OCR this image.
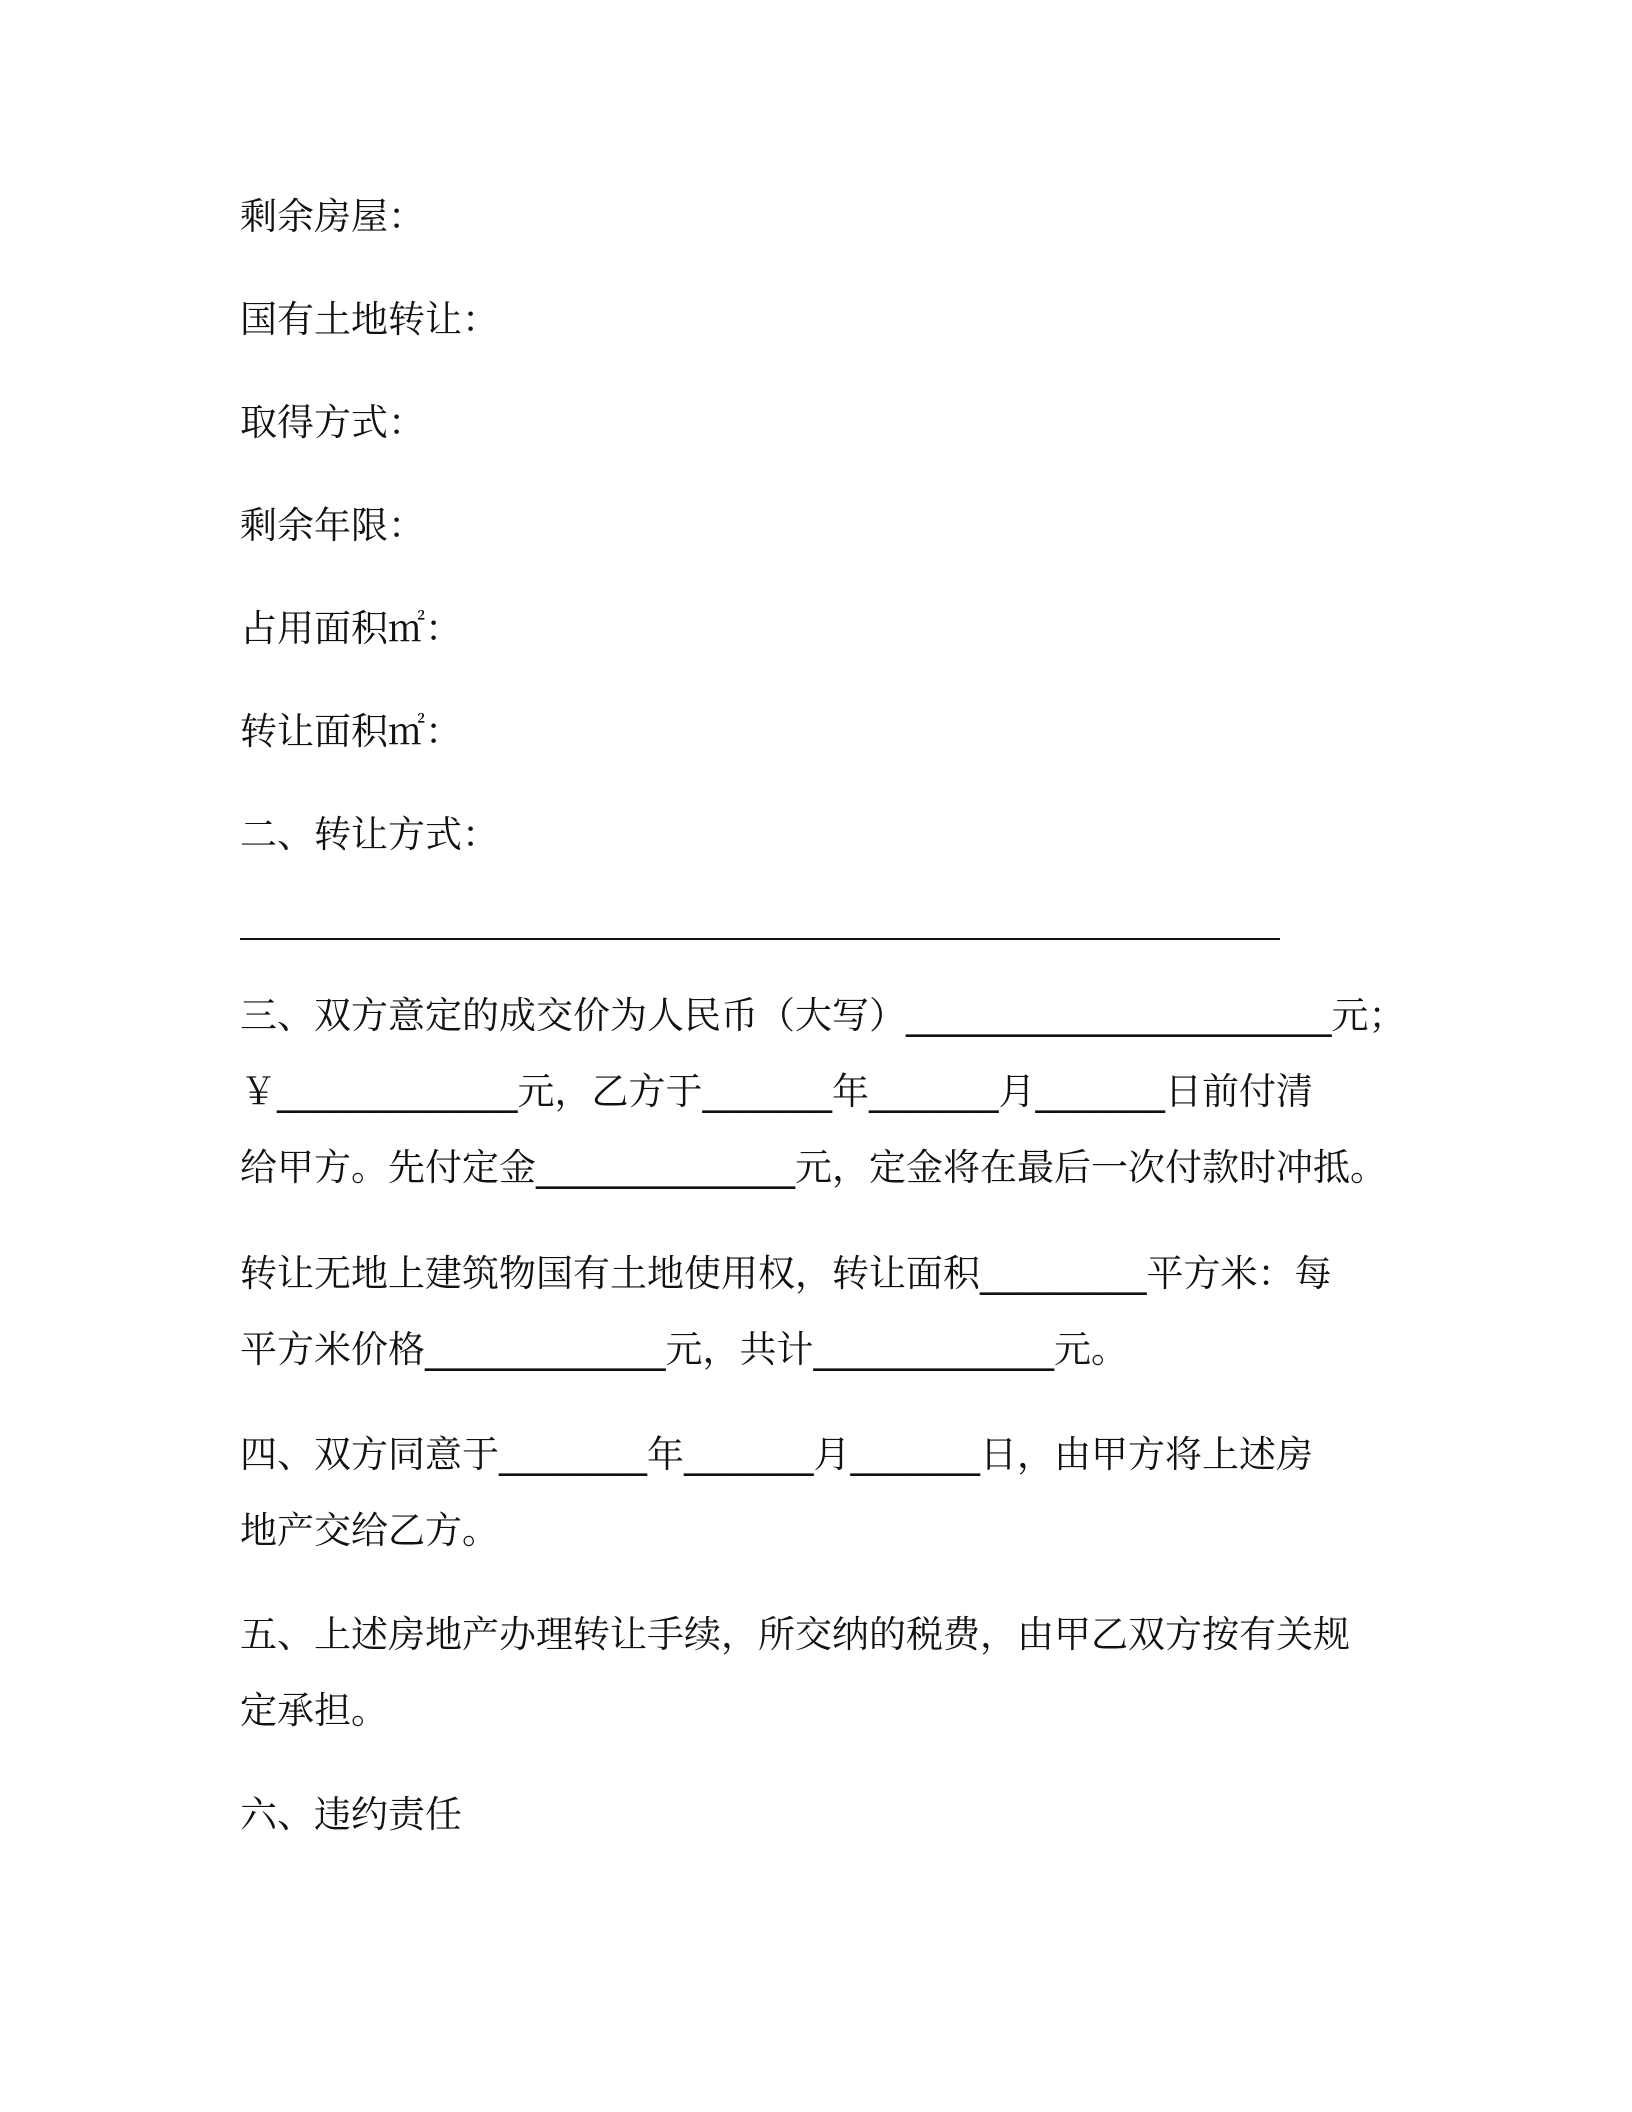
剩余房屋：
国有土地转让：
取得方式：
剩余年限：
占用面积㎡：
转让面积㎡：
二、转让方式：
三、双方意定的成交价为人民币（大写）_______________________元；
￥_____________元，乙方于_______年_______月_______日前付清
给甲方。先付定金______________元，定金将在最后一次付款时冲抵。
转让无地上建筑物国有土地使用权，转让面积_________平方米：每
平方米价格_____________元，共计_____________元。
四、双方同意于________年_______月_______日，由甲方将上述房
地产交给乙方。
五、上述房地产办理转让手续，所交纳的税费，由甲乙双方按有关规
定承担。
六、违约责任
